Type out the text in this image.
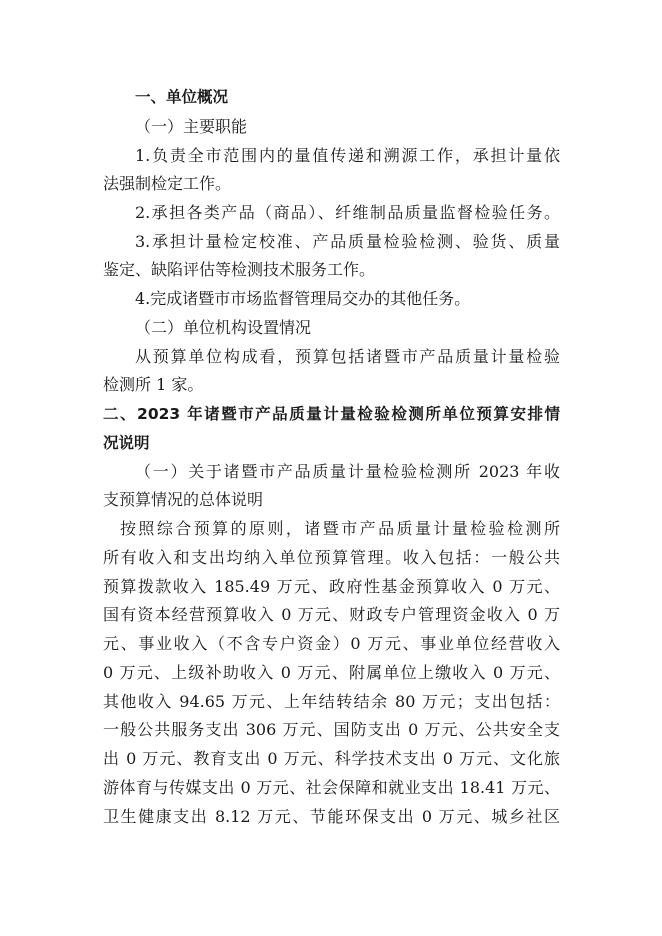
一、单位概况
（一）主要职能
1.负责全市范围内的量值传递和溯源工作，承担计量依
法强制检定工作。
2.承担各类产品（商品）、纤维制品质量监督检验任务。
3.承担计量检定校准、产品质量检验检测、验货、质量
鉴定、缺陷评估等检测技术服务工作。
4.完成诸暨市市场监督管理局交办的其他任务。
（二）单位机构设置情况
从预算单位构成看，预算包括诸暨市产品质量计量检验
检测所 1 家。
二、2023 年诸暨市产品质量计量检验检测所单位预算安排情
况说明
（一）关于诸暨市产品质量计量检验检测所 2023 年收
支预算情况的总体说明
按照综合预算的原则，诸暨市产品质量计量检验检测所
所有收入和支出均纳入单位预算管理。收入包括：一般公共
预算拨款收入 185.49 万元、政府性基金预算收入 0 万元、
国有资本经营预算收入 0 万元、财政专户管理资金收入 0 万
元、事业收入（不含专户资金）0 万元、事业单位经营收入
0 万元、上级补助收入 0 万元、附属单位上缴收入 0 万元、
其他收入 94.65 万元、上年结转结余 80 万元；支出包括：
一般公共服务支出 306 万元、国防支出 0 万元、公共安全支
出 0 万元、教育支出 0 万元、科学技术支出 0 万元、文化旅
游体育与传媒支出 0 万元、社会保障和就业支出 18.41 万元、
卫生健康支出 8.12 万元、节能环保支出 0 万元、城乡社区
